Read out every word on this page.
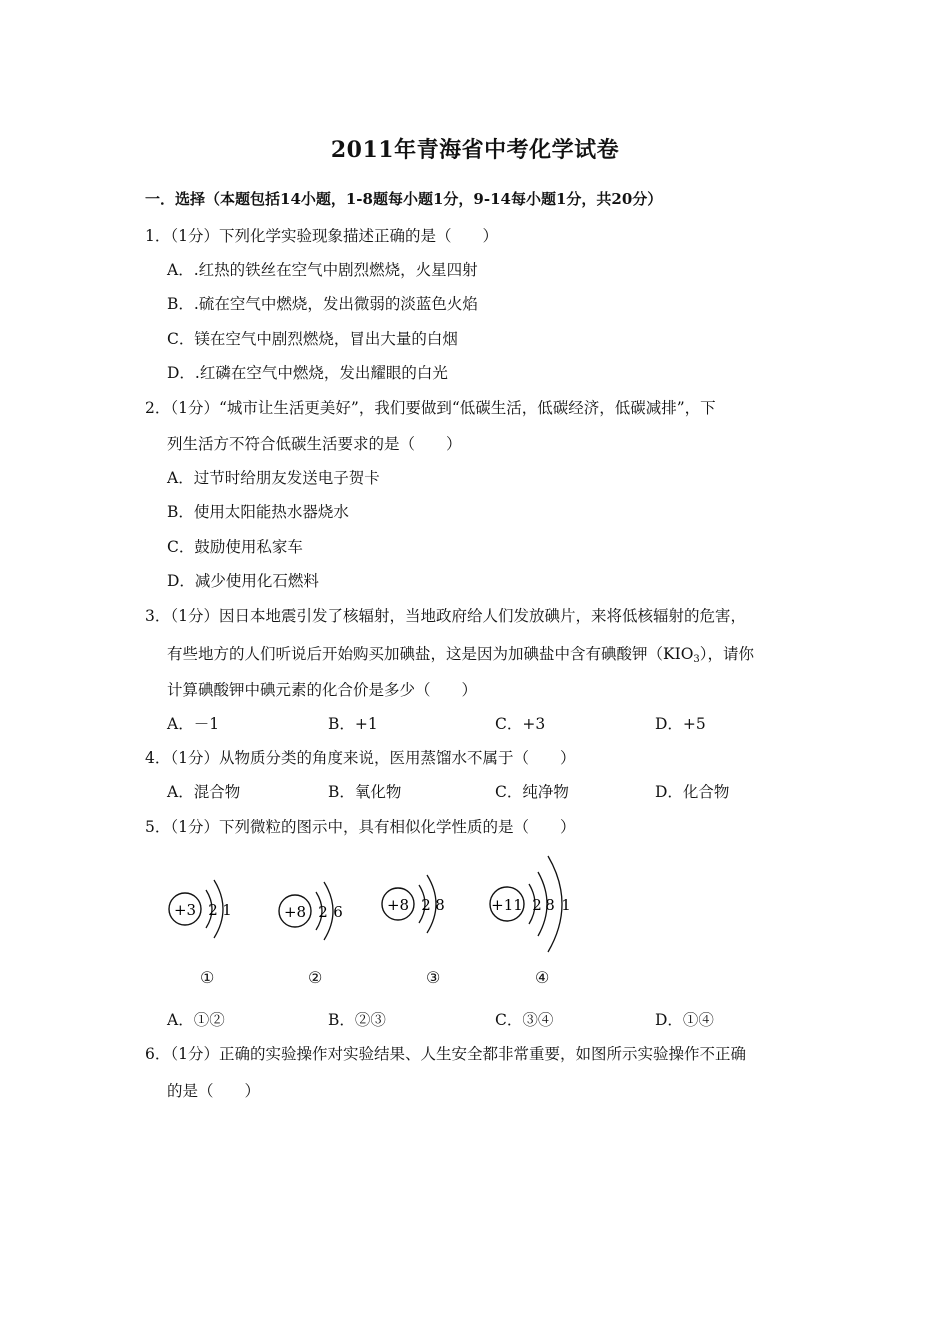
2011年青海省中考化学试卷
一．选择（本题包括14小题，1-8题每小题1分，9-14每小题1分，共20分）
1．（1分）下列化学实验现象描述正确的是（　　）
A．.红热的铁丝在空气中剧烈燃烧，火星四射
B．.硫在空气中燃烧，发出微弱的淡蓝色火焰
C．镁在空气中剧烈燃烧，冒出大量的白烟
D．.红磷在空气中燃烧，发出耀眼的白光
2．（1分）“城市让生活更美好”，我们要做到“低碳生活，低碳经济，低碳减排”，下
列生活方不符合低碳生活要求的是（　　）
A．过节时给朋友发送电子贺卡
B．使用太阳能热水器烧水
C．鼓励使用私家车
D．减少使用化石燃料
3．（1分）因日本地震引发了核辐射，当地政府给人们发放碘片，来将低核辐射的危害，
有些地方的人们听说后开始购买加碘盐，这是因为加碘盐中含有碘酸钾$(KIO_3)$，请你
计算碘酸钾中碘元素的化合价是多少（　　）
A．－1	B．+1	C．+3	D．+5
4．（1分）从物质分类的角度来说，医用蒸馏水不属于（　　）
A．混合物	B．氧化物	C．纯净物	D．化合物
5．（1分）下列微粒的图示中，具有相似化学性质的是（　　）
+3 2 1	+8 2 6	+8 2 8	+11 2 8 1
①	②	③	④
A．①②	B．②③	C．③④	D．①④
6．（1分）正确的实验操作对实验结果、人生安全都非常重要，如图所示实验操作不正确
的是（　　）
